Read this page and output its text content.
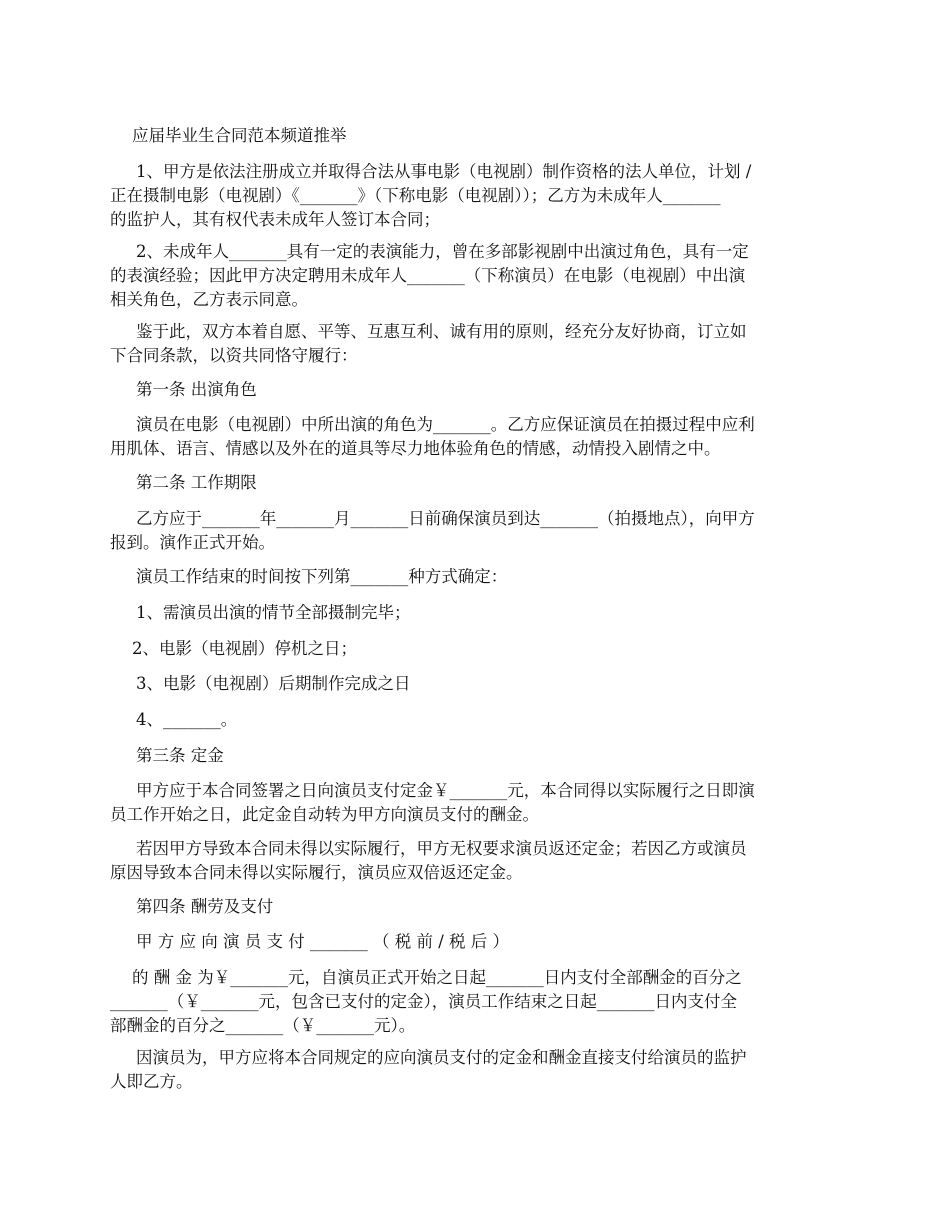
应届毕业生合同范本频道推举

1、甲方是依法注册成立并取得合法从事电影（电视剧）制作资格的法人单位，计划 /
正在摄制电影（电视剧）《_______》（下称电影（电视剧））；乙方为未成年人_______
的监护人，其有权代表未成年人签订本合同；

2、未成年人_______具有一定的表演能力，曾在多部影视剧中出演过角色，具有一定
的表演经验；因此甲方决定聘用未成年人_______（下称演员）在电影（电视剧）中出演
相关角色，乙方表示同意。

鉴于此，双方本着自愿、平等、互惠互利、诚有用的原则，经充分友好协商，订立如
下合同条款，以资共同恪守履行：

第一条 出演角色

演员在电影（电视剧）中所出演的角色为_______。乙方应保证演员在拍摄过程中应利
用肌体、语言、情感以及外在的道具等尽力地体验角色的情感，动情投入剧情之中。

第二条 工作期限

乙方应于_______年_______月_______日前确保演员到达_______（拍摄地点），向甲方
报到。演作正式开始。

演员工作结束的时间按下列第_______种方式确定：

1、需演员出演的情节全部摄制完毕；

2、电影（电视剧）停机之日；

3、电影（电视剧）后期制作完成之日

4、_______。

第三条 定金

甲方应于本合同签署之日向演员支付定金￥_______元，本合同得以实际履行之日即演
员工作开始之日，此定金自动转为甲方向演员支付的酬金。

若因甲方导致本合同未得以实际履行，甲方无权要求演员返还定金；若因乙方或演员
原因导致本合同未得以实际履行，演员应双倍返还定金。

第四条 酬劳及支付

甲 方 应 向 演 员 支 付 _______ （ 税 前 / 税 后 ）

的 酬 金 为￥_______元，自演员正式开始之日起_______日内支付全部酬金的百分之
_______（￥_______元，包含已支付的定金），演员工作结束之日起_______日内支付全
部酬金的百分之_______（￥_______元）。

因演员为，甲方应将本合同规定的应向演员支付的定金和酬金直接支付给演员的监护
人即乙方。
